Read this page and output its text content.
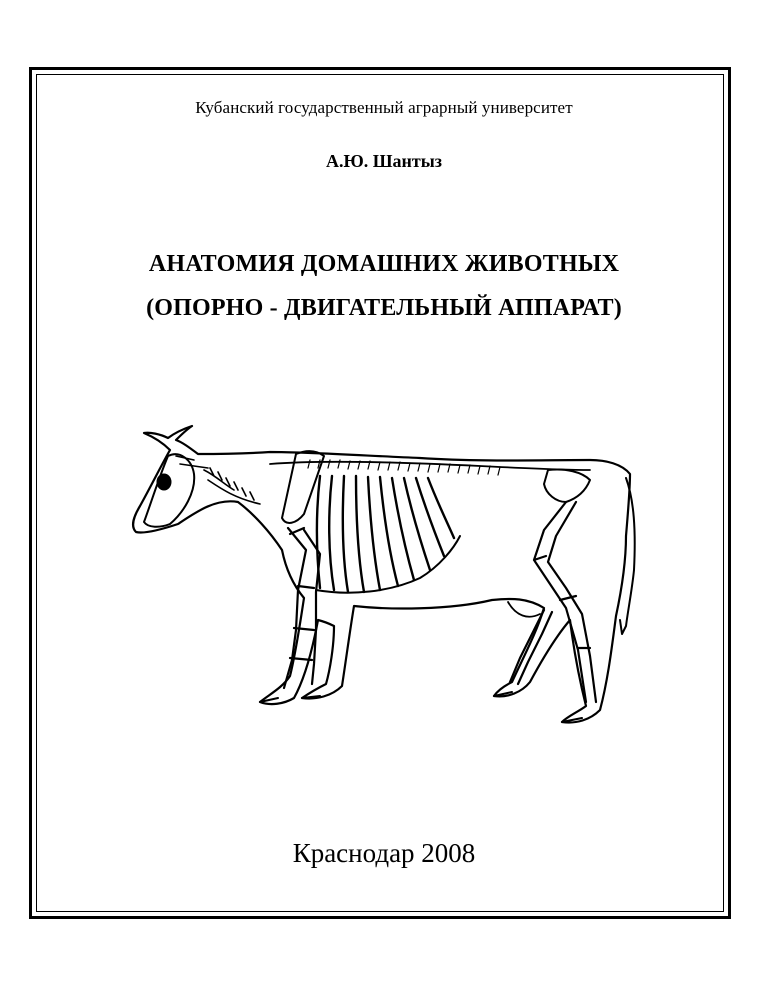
Кубанский государственный аграрный университет
А.Ю. Шантыз
АНАТОМИЯ ДОМАШНИХ ЖИВОТНЫХ
(ОПОРНО - ДВИГАТЕЛЬНЫЙ АППАРАТ)
Краснодар 2008
